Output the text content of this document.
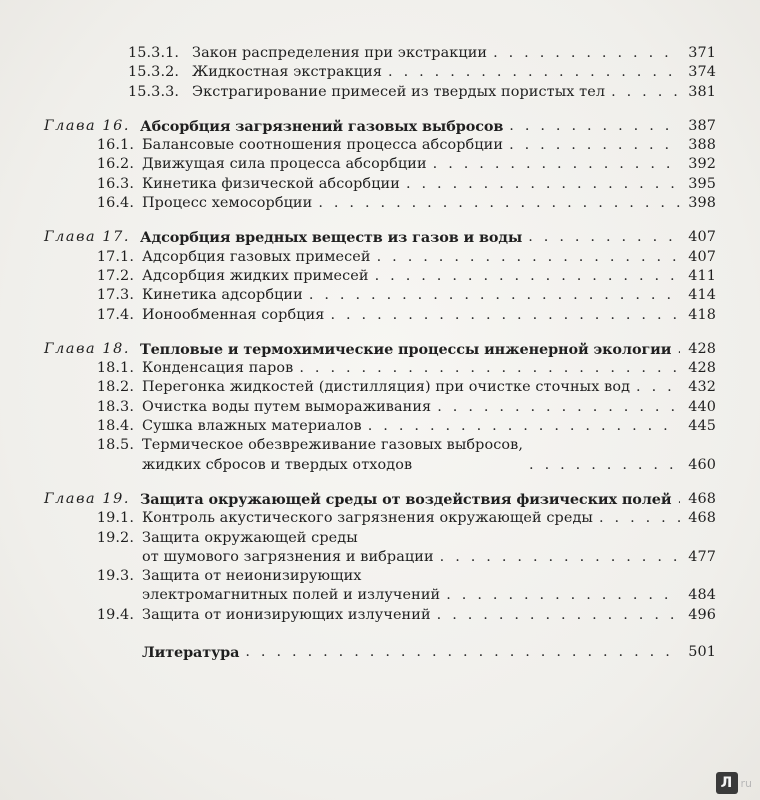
15.3.1. Закон распределения при экстракции . . .	371
15.3.2. Жидкостная экстракция . . .	374
15.3.3. Экстрагирование примесей из твердых пористых тел . . .	381
Глава 16. Абсорбция загрязнений газовых выбросов . . .	387
16.1. Балансовые соотношения процесса абсорбции . . .	388
16.2. Движущая сила процесса абсорбции . . .	392
16.3. Кинетика физической абсорбции . . .	395
16.4. Процесс хемосорбции . . .	398
Глава 17. Адсорбция вредных веществ из газов и воды . . .	407
17.1. Адсорбция газовых примесей . . .	407
17.2. Адсорбция жидких примесей . . .	411
17.3. Кинетика адсорбции . . .	414
17.4. Ионообменная сорбция . . .	418
Глава 18. Тепловые и термохимические процессы инженерной экологии . . . 428
18.1. Конденсация паров . . .	428
18.2. Перегонка жидкостей (дистилляция) при очистке сточных вод . . .	432
18.3. Очистка воды путем вымораживания . . .	440
18.4. Сушка влажных материалов . . .	445
18.5. Термическое обезвреживание газовых выбросов,
жидких сбросов и твердых отходов . . .	460
Глава 19. Защита окружающей среды от воздействия физических полей . . . 468
19.1. Контроль акустического загрязнения окружающей среды . . .	468
19.2. Защита окружающей среды
от шумового загрязнения и вибрации . . .	477
19.3. Защита от неионизирующих
электромагнитных полей и излучений . . .	484
19.4. Защита от ионизирующих излучений . . .	496
Литература . . .	501
Л ru
